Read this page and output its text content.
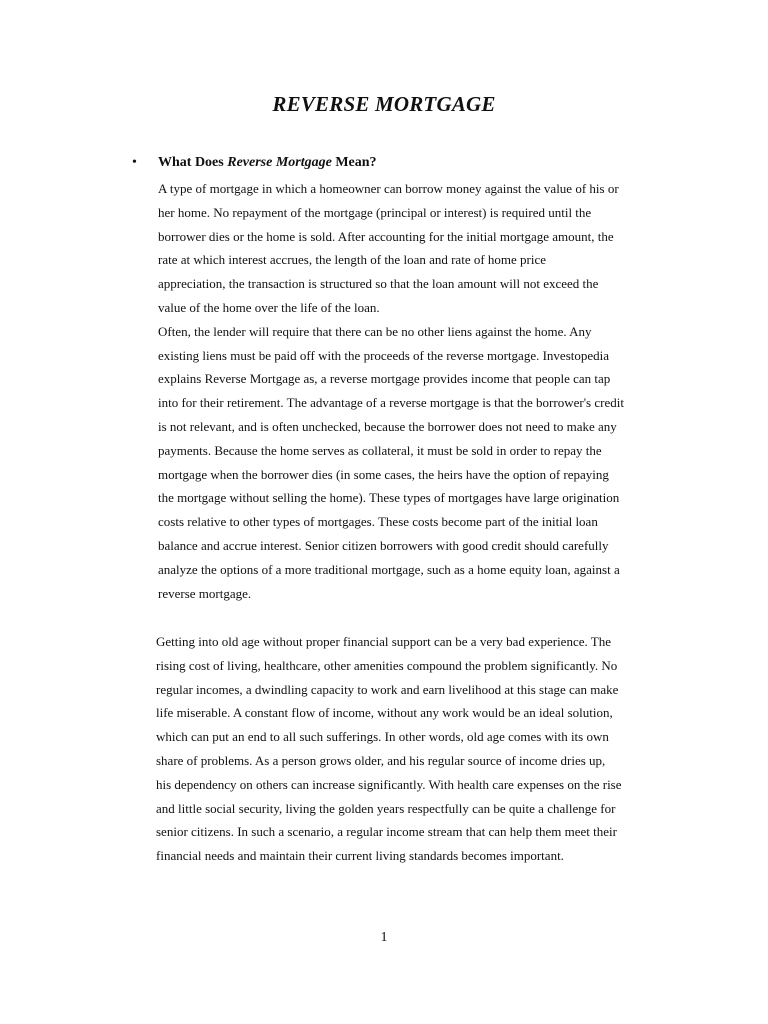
REVERSE MORTGAGE
• What Does Reverse Mortgage Mean?
A type of mortgage in which a homeowner can borrow money against the value of his or
her home. No repayment of the mortgage (principal or interest) is required until the
borrower dies or the home is sold. After accounting for the initial mortgage amount, the
rate at which interest accrues, the length of the loan and rate of home price
appreciation, the transaction is structured so that the loan amount will not exceed the
value of the home over the life of the loan.
Often, the lender will require that there can be no other liens against the home. Any
existing liens must be paid off with the proceeds of the reverse mortgage. Investopedia
explains Reverse Mortgage as, a reverse mortgage provides income that people can tap
into for their retirement. The advantage of a reverse mortgage is that the borrower's credit
is not relevant, and is often unchecked, because the borrower does not need to make any
payments. Because the home serves as collateral, it must be sold in order to repay the
mortgage when the borrower dies (in some cases, the heirs have the option of repaying
the mortgage without selling the home). These types of mortgages have large origination
costs relative to other types of mortgages. These costs become part of the initial loan
balance and accrue interest. Senior citizen borrowers with good credit should carefully
analyze the options of a more traditional mortgage, such as a home equity loan, against a
reverse mortgage.
Getting into old age without proper financial support can be a very bad experience. The
rising cost of living, healthcare, other amenities compound the problem significantly. No
regular incomes, a dwindling capacity to work and earn livelihood at this stage can make
life miserable. A constant flow of income, without any work would be an ideal solution,
which can put an end to all such sufferings. In other words, old age comes with its own
share of problems. As a person grows older, and his regular source of income dries up,
his dependency on others can increase significantly. With health care expenses on the rise
and little social security, living the golden years respectfully can be quite a challenge for
senior citizens. In such a scenario, a regular income stream that can help them meet their
financial needs and maintain their current living standards becomes important.

1
